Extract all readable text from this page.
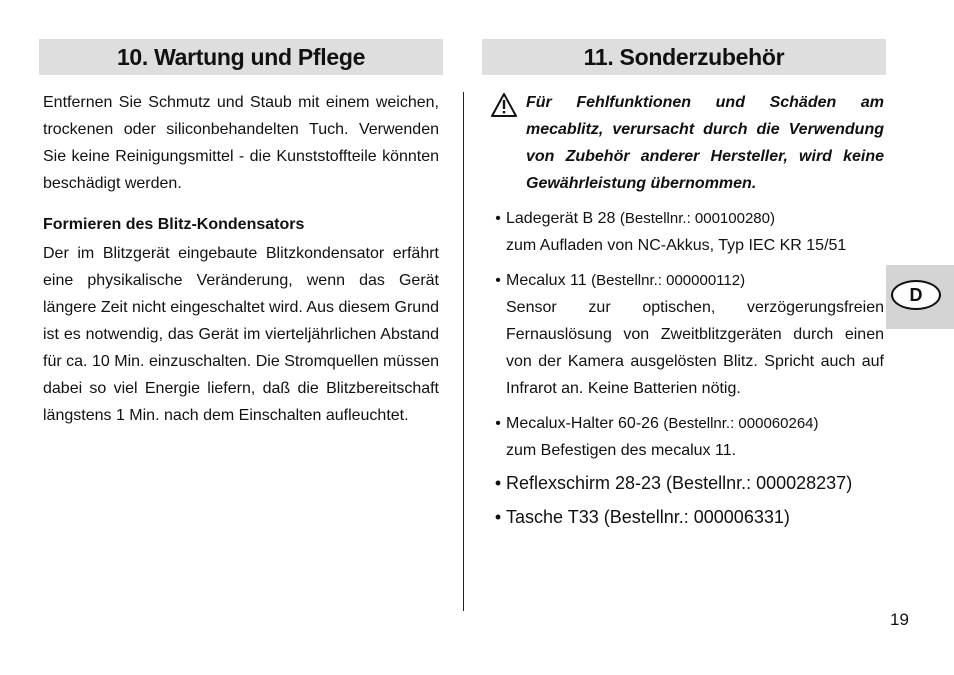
10. Wartung und Pflege	11. Sonderzubehör
Entfernen Sie Schmutz und Staub mit einem weichen, trockenen oder siliconbehandelten Tuch. Verwenden Sie keine Reinigungsmittel - die Kunststoffteile könnten beschädigt werden.
Formieren des Blitz-Kondensators
Der im Blitzgerät eingebaute Blitzkondensator erfährt eine physikalische Veränderung, wenn das Gerät längere Zeit nicht eingeschaltet wird. Aus diesem Grund ist es notwendig, das Gerät im vierteljährlichen Abstand für ca. 10 Min. einzuschalten. Die Stromquellen müssen dabei so viel Energie liefern, daß die Blitzbereitschaft längstens 1 Min. nach dem Einschalten aufleuchtet.
Für Fehlfunktionen und Schäden am mecablitz, verursacht durch die Verwendung von Zubehör anderer Hersteller, wird keine Gewährleistung übernommen.
• Ladegerät B 28 (Bestellnr.: 000100280)
zum Aufladen von NC-Akkus, Typ IEC KR 15/51
• Mecalux 11 (Bestellnr.: 000000112)
Sensor zur optischen, verzögerungsfreien Fernauslösung von Zweitblitzgeräten durch einen von der Kamera ausgelösten Blitz. Spricht auch auf Infrarot an. Keine Batterien nötig.
• Mecalux-Halter 60-26 (Bestellnr.: 000060264)
zum Befestigen des mecalux 11.
• Reflexschirm 28-23 (Bestellnr.: 000028237)
• Tasche T33 (Bestellnr.: 000006331)
D
19
